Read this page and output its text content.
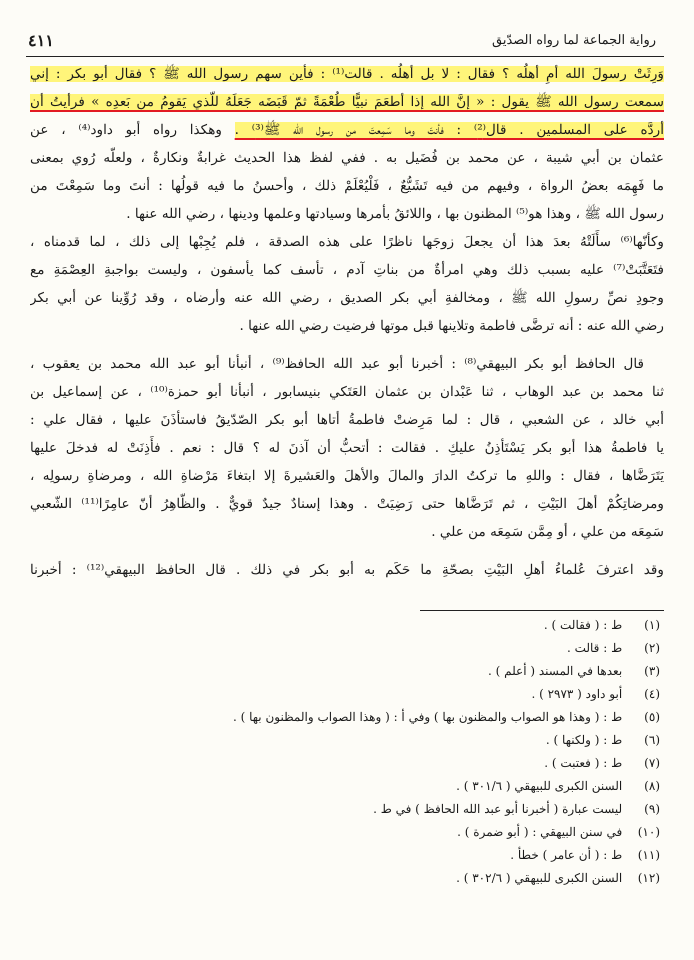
رواية الجماعة لما رواه الصدّيق
٤١١
وَرِثَتْ رسولَ الله أمِ أهلُه ؟ فقال : لا بل أهلُه . قالت⁽¹⁾ : فأين سهم رسول الله ﷺ ؟ فقال أبو بكر : إني
سمعت رسول الله ﷺ يقول : « إنَّ الله إذا أطعَمَ نبيًّا طُعْمَةً ثمّ قَبَضَه جَعَلَهُ للّذي يَقومُ من بَعدِه » فرأيتُ أن
أردَّه على المسلمين . قال⁽²⁾ : فأنتَ وما سَمِعتَ من رسول الله ﷺ⁽³⁾ . وهكذا رواه أبو داود⁽⁴⁾ ، عن
عثمان بن أبي شيبة ، عن محمد بن فُضَيل به . ففي لفظ هذا الحديث غرابةٌ ونكارةٌ ، ولعلّه رُوي بمعنى
ما فَهِمَه بعضُ الرواة ، وفيهم من فيه تَشَيُّعٌ ، فَلْيُعْلَمْ ذلك ، وأحسنُ ما فيه قولُها : أنتَ وما سَمِعْتَ من
رسول الله ﷺ ، وهذا هو⁽⁵⁾ المظنون بها ، واللائقُ بأمرها وسيادتها وعلمها ودينها ، رضي الله عنها .
وكأنّها⁽⁶⁾ سأَلَتْهُ بعدَ هذا أن يجعلَ زوجَها ناظرًا على هذه الصدقة ، فلم يُجِبْها إلى ذلك ، لما قدمناه ،
فتَعَتَّبَتْ⁽⁷⁾ عليه بسبب ذلك وهي امرأةٌ من بناتِ آدم ، تأسف كما يأسفون ، وليست بواجبةِ العِصْمَةِ مع
وجودِ نصِّ رسولِ الله ﷺ ، ومخالفةِ أبي بكر الصديق ، رضي الله عنه وأرضاه ، وقد رُوِّينا عن أبي بكر
رضي الله عنه : أنه ترضَّى فاطمة وتلاينها قبل موتها فرضيت رضي الله عنها .
قال الحافظ أبو بكر البيهقي⁽⁸⁾ : أخبرنا أبو عبد الله الحافظ⁽⁹⁾ ، أنبأنا أبو عبد الله محمد بن يعقوب ،
ثنا محمد بن عبد الوهاب ، ثنا عَبْدان بن عثمان العَتَكي بنيسابور ، أنبأنا أبو حمزة⁽¹⁰⁾ ، عن إسماعيل بن
أبي خالد ، عن الشعبي ، قال : لما مَرِضتْ فاطمةُ أتاها أبو بكر الصّدّيقُ فاستأذَنَ عليها ، فقال علي :
يا فاطمةُ هذا أبو بكر يَسْتَأذِنُ عليكِ . فقالت : أتحبُّ أن آذنَ له ؟ قال : نعم . فأَذِنَتْ له فدخلَ عليها
يَتَرَضَّاها ، فقال : واللهِ ما تركتُ الدارَ والمالَ والأهلَ والعَشيرةَ إلا ابتغاءَ مَرْضاةِ الله ، ومرضاةِ رسولِه ،
ومرضاتِكُمْ أهلَ البَيْتِ ، ثم تَرَضَّاها حتى رَضِيَتْ . وهذا إسنادٌ جيدٌ قويٌّ . والظّاهِرُ أنّ عامِرًا⁽¹¹⁾ الشّعبي
سَمِعَه من علي ، أو مِمَّن سَمِعَه من علي .
وقد اعترفَ عُلماءُ أهلِ البَيْتِ بصحّةِ ما حَكَم به أبو بكر في ذلك . قال الحافظ البيهقي⁽¹²⁾ : أخبرنا
(١) ط : ( فقالت ) .
(٢) ط : قالت .
(٣) بعدها في المسند ( أعلم ) .
(٤) أبو داود ( ٢٩٧٣ ) .
(٥) ط : ( وهذا هو الصواب والمظنون بها ) وفي أ : ( وهذا الصواب والمظنون بها ) .
(٦) ط : ( ولكنها ) .
(٧) ط : ( فعتبت ) .
(٨) السنن الكبرى للبيهقي ( ٣٠١/٦ ) .
(٩) ليست عبارة ( أخبرنا أبو عبد الله الحافظ ) في ط .
(١٠) في سنن البيهقي : ( أبو ضمرة ) .
(١١) ط : ( أن عامر ) خطأ .
(١٢) السنن الكبرى للبيهقي ( ٣٠٢/٦ ) .
